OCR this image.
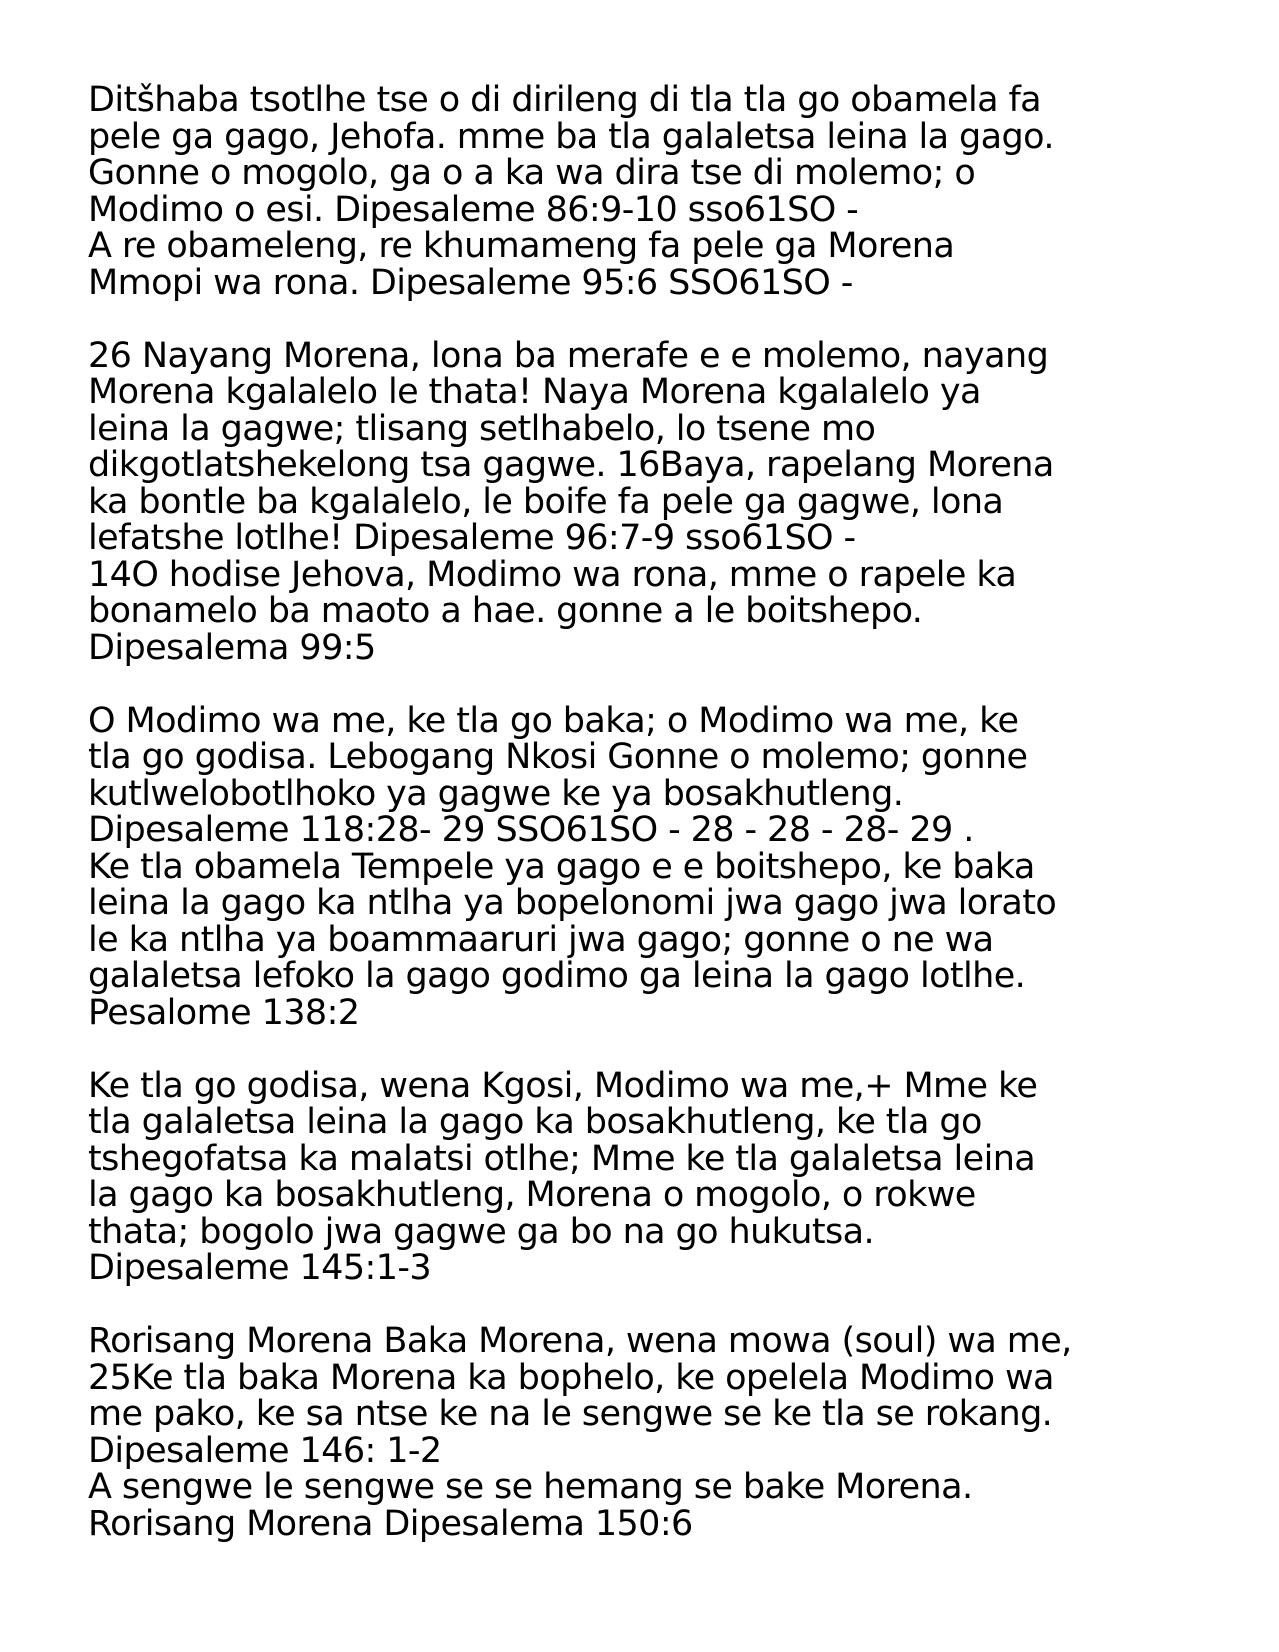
Ditšhaba tsotlhe tse o di dirileng di tla tla go obamela fa
pele ga gago, Jehofa. mme ba tla galaletsa leina la gago.
Gonne o mogolo, ga o a ka wa dira tse di molemo; o
Modimo o esi. Dipesaleme 86:9-10 sso61SO -
A re obameleng, re khumameng fa pele ga Morena
Mmopi wa rona. Dipesaleme 95:6 SSO61SO -
26 Nayang Morena, lona ba merafe e e molemo, nayang
Morena kgalalelo le thata! Naya Morena kgalalelo ya
leina la gagwe; tlisang setlhabelo, lo tsene mo
dikgotlatshekelong tsa gagwe. 16Baya, rapelang Morena
ka bontle ba kgalalelo, le boife fa pele ga gagwe, lona
lefatshe lotlhe! Dipesaleme 96:7-9 sso61SO -
14O hodise Jehova, Modimo wa rona, mme o rapele ka
bonamelo ba maoto a hae. gonne a le boitshepo.
Dipesalema 99:5
O Modimo wa me, ke tla go baka; o Modimo wa me, ke
tla go godisa. Lebogang Nkosi Gonne o molemo; gonne
kutlwelobotlhoko ya gagwe ke ya bosakhutleng.
Dipesaleme 118:28- 29 SSO61SO - 28 - 28 - 28- 29 .
Ke tla obamela Tempele ya gago e e boitshepo, ke baka
leina la gago ka ntlha ya bopelonomi jwa gago jwa lorato
le ka ntlha ya boammaaruri jwa gago; gonne o ne wa
galaletsa lefoko la gago godimo ga leina la gago lotlhe.
Pesalome 138:2
Ke tla go godisa, wena Kgosi, Modimo wa me,+ Mme ke
tla galaletsa leina la gago ka bosakhutleng, ke tla go
tshegofatsa ka malatsi otlhe; Mme ke tla galaletsa leina
la gago ka bosakhutleng, Morena o mogolo, o rokwe
thata; bogolo jwa gagwe ga bo na go hukutsa.
Dipesaleme 145:1-3
Rorisang Morena Baka Morena, wena mowa (soul) wa me,
25Ke tla baka Morena ka bophelo, ke opelela Modimo wa
me pako, ke sa ntse ke na le sengwe se ke tla se rokang.
Dipesaleme 146: 1-2
A sengwe le sengwe se se hemang se bake Morena.
Rorisang Morena Dipesalema 150:6
